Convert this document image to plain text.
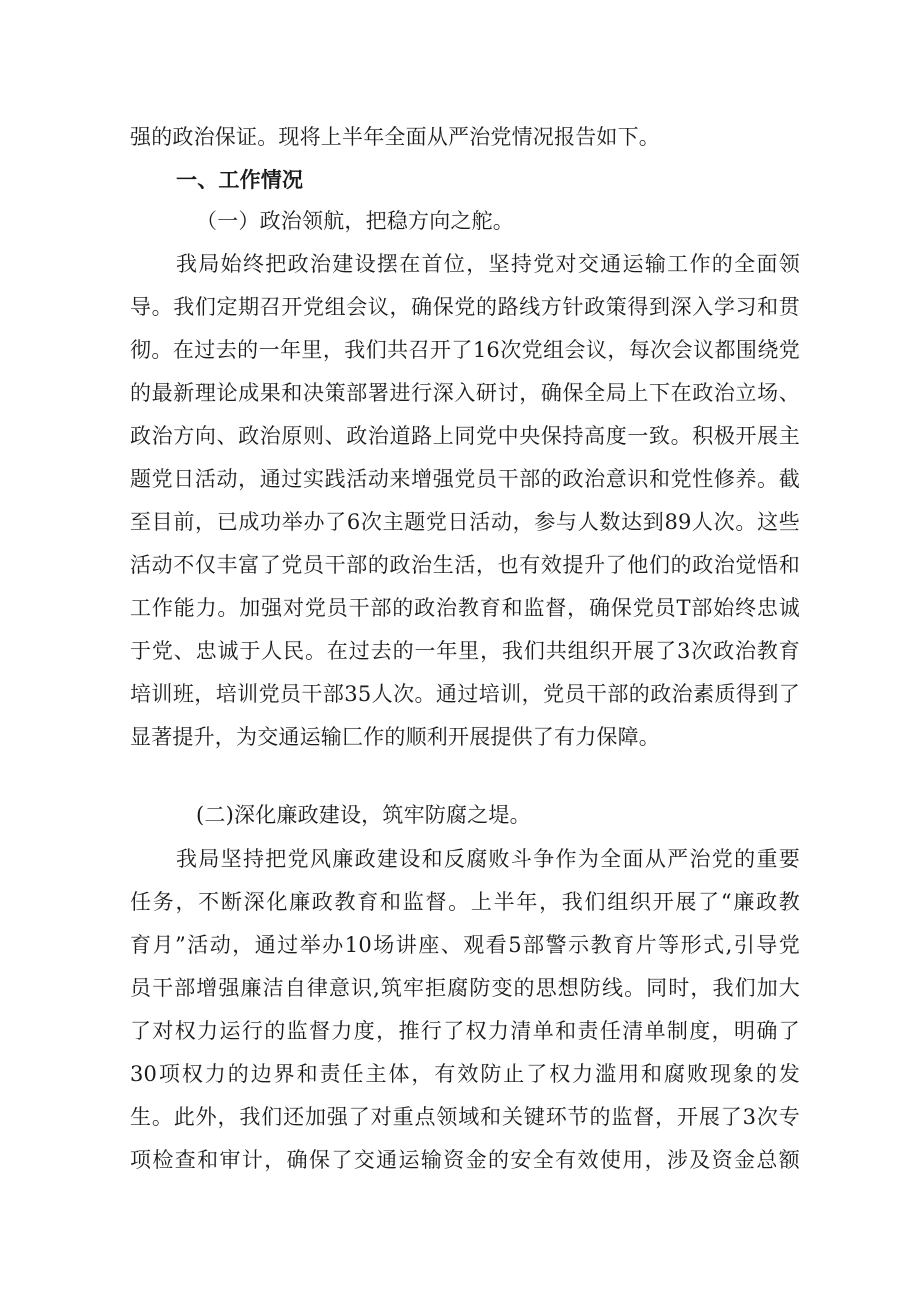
强的政治保证。现将上半年全面从严治党情况报告如下。
一、工作情况
（一）政治领航，把稳方向之舵。
我局始终把政治建设摆在首位，坚持党对交通运输工作的全面领
导。我们定期召开党组会议，确保党的路线方针政策得到深入学习和贯
彻。在过去的一年里，我们共召开了16次党组会议，每次会议都围绕党
的最新理论成果和决策部署进行深入研讨，确保全局上下在政治立场、
政治方向、政治原则、政治道路上同党中央保持高度一致。积极开展主
题党日活动，通过实践活动来增强党员干部的政治意识和党性修养。截
至目前，已成功举办了6次主题党日活动，参与人数达到89人次。这些
活动不仅丰富了党员干部的政治生活，也有效提升了他们的政治觉悟和
工作能力。加强对党员干部的政治教育和监督，确保党员T部始终忠诚
于党、忠诚于人民。在过去的一年里，我们共组织开展了3次政治教育
培训班，培训党员干部35人次。通过培训，党员干部的政治素质得到了
显著提升，为交通运输匚作的顺利开展提供了有力保障。
(二)深化廉政建设，筑牢防腐之堤。
我局坚持把党风廉政建设和反腐败斗争作为全面从严治党的重要
任务，不断深化廉政教育和监督。上半年，我们组织开展了“廉政教
育月”活动，通过举办10场讲座、观看5部警示教育片等形式,引导党
员干部增强廉洁自律意识,筑牢拒腐防变的思想防线。同时，我们加大
了对权力运行的监督力度，推行了权力清单和责任清单制度，明确了
30项权力的边界和责任主体，有效防止了权力滥用和腐败现象的发
生。此外，我们还加强了对重点领域和关键环节的监督，开展了3次专
项检查和审计，确保了交通运输资金的安全有效使用，涉及资金总额
